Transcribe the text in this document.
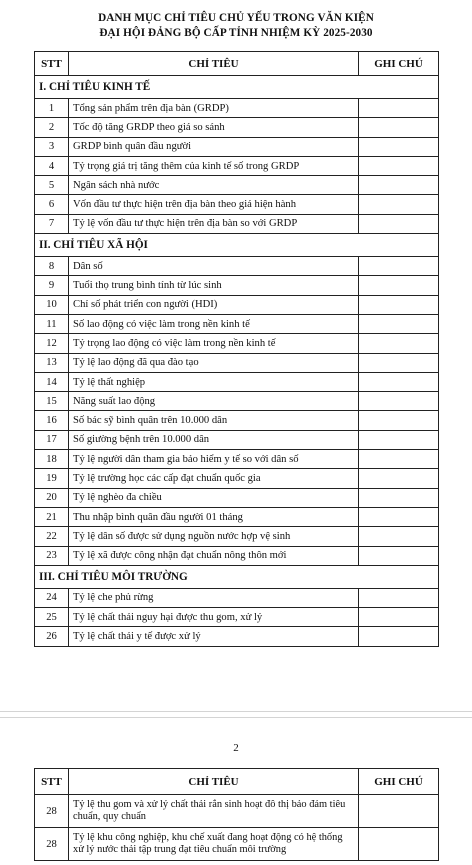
DANH MỤC CHỈ TIÊU CHỦ YẾU TRONG VĂN KIỆN
ĐẠI HỘI ĐẢNG BỘ CẤP TỈNH NHIỆM KỲ 2025-2030
STT	CHỈ TIÊU	GHI CHÚ
I. CHỈ TIÊU KINH TẾ		
1	Tổng sản phẩm trên địa bàn (GRDP)	
2	Tốc độ tăng GRDP theo giá so sánh	
3	GRDP bình quân đầu người	
4	Tỷ trọng giá trị tăng thêm của kinh tế số trong GRDP	
5	Ngân sách nhà nước	
6	Vốn đầu tư thực hiện trên địa bàn theo giá hiện hành	
7	Tỷ lệ vốn đầu tư thực hiện trên địa bàn so với GRDP	
II. CHỈ TIÊU XÃ HỘI		
8	Dân số	
9	Tuổi thọ trung bình tính từ lúc sinh	
10	Chỉ số phát triển con người (HDI)	
11	Số lao động có việc làm trong nền kinh tế	
12	Tỷ trọng lao động có việc làm trong nền kinh tế	
13	Tỷ lệ lao động đã qua đào tạo	
14	Tỷ lệ thất nghiệp	
15	Năng suất lao động	
16	Số bác sỹ bình quân trên 10.000 dân	
17	Số giường bệnh trên 10.000 dân	
18	Tỷ lệ người dân tham gia bảo hiểm y tế so với dân số	
19	Tỷ lệ trường học các cấp đạt chuẩn quốc gia	
20	Tỷ lệ nghèo đa chiều	
21	Thu nhập bình quân đầu người 01 tháng	
22	Tỷ lệ dân số được sử dụng nguồn nước hợp vệ sinh	
23	Tỷ lệ xã được công nhận đạt chuẩn nông thôn mới	
III. CHỈ TIÊU MÔI TRƯỜNG		
24	Tỷ lệ che phủ rừng	
25	Tỷ lệ chất thải nguy hại được thu gom, xử lý	
26	Tỷ lệ chất thải y tế được xử lý	
2
STT	CHỈ TIÊU	GHI CHÚ
28	Tỷ lệ thu gom và xử lý chất thải rắn sinh hoạt đô thị bảo đảm tiêu chuẩn, quy chuẩn	
28	Tỷ lệ khu công nghiệp, khu chế xuất đang hoạt động có hệ thống xử lý nước thải tập trung đạt tiêu chuẩn môi trường	
